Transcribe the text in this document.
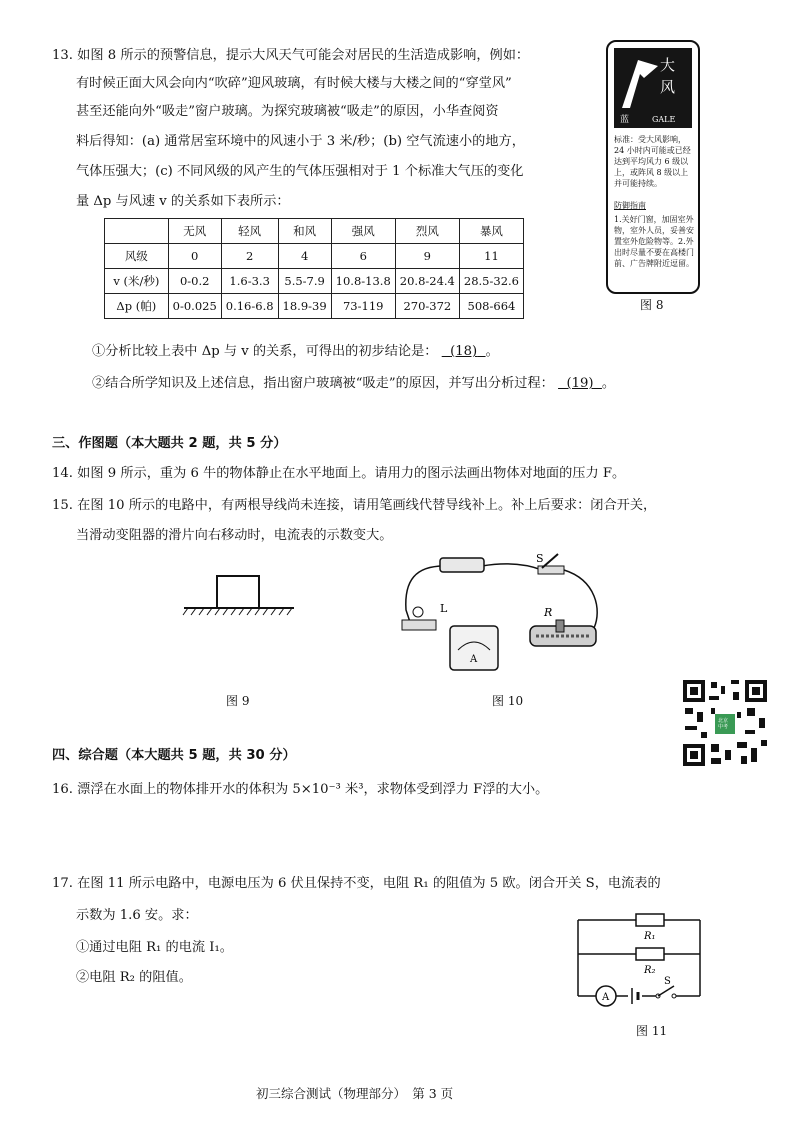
13. 如图 8 所示的预警信息，提示大风天气可能会对居民的生活造成影响，例如：
有时候正面大风会向内“吹碎”迎风玻璃，有时候大楼与大楼之间的“穿堂风”
甚至还能向外“吸走”窗户玻璃。为探究玻璃被“吸走”的原因，小华查阅资
料后得知：(a) 通常居室环境中的风速小于 3 米/秒；(b) 空气流速小的地方，
气体压强大；(c) 不同风级的风产生的气体压强相对于 1 个标准大气压的变化
量 Δp 与风速 v 的关系如下表所示：
	无风	轻风	和风	强风	烈风	暴风
风级	0	2	4	6	9	11
v (米/秒)	0-0.2	1.6-3.3	5.5-7.9	10.8-13.8	20.8-24.4	28.5-32.6
Δp (帕)	0-0.025	0.16-6.8	18.9-39	73-119	270-372	508-664
①分析比较上表中 Δp 与 v 的关系，可得出的初步结论是： (18) 。
②结合所学知识及上述信息，指出窗户玻璃被“吸走”的原因，并写出分析过程： (19) 。
大
风
蓝	GALE
标准：受大风影响，24 小时内可能或已经达到平均风力 6 级以上，或阵风 8 级以上并可能持续。
防御指南
1.关好门窗，加固室外物，室外人员，妥善安置室外危险物等。2.外出时尽量不要在高楼门前、广告牌附近逗留。
图 8
三、作图题（本大题共 2 题，共 5 分）
14. 如图 9 所示，重为 6 牛的物体静止在水平地面上。请用力的图示法画出物体对地面的压力 F。
15. 在图 10 所示的电路中，有两根导线尚未连接，请用笔画线代替导线补上。补上后要求：闭合开关，
当滑动变阻器的滑片向右移动时，电流表的示数变大。
图 9
S
L
A
R
图 10
北京中考
四、综合题（本大题共 5 题，共 30 分）
16. 漂浮在水面上的物体排开水的体积为 5×10⁻³ 米³，求物体受到浮力 F浮的大小。
17. 在图 11 所示电路中，电源电压为 6 伏且保持不变，电阻 R₁ 的阻值为 5 欧。闭合开关 S，电流表的
示数为 1.6 安。求：
①通过电阻 R₁ 的电流 I₁。
②电阻 R₂ 的阻值。
R₁
R₂
A
S
图 11
初三综合测试（物理部分）　第 3 页
